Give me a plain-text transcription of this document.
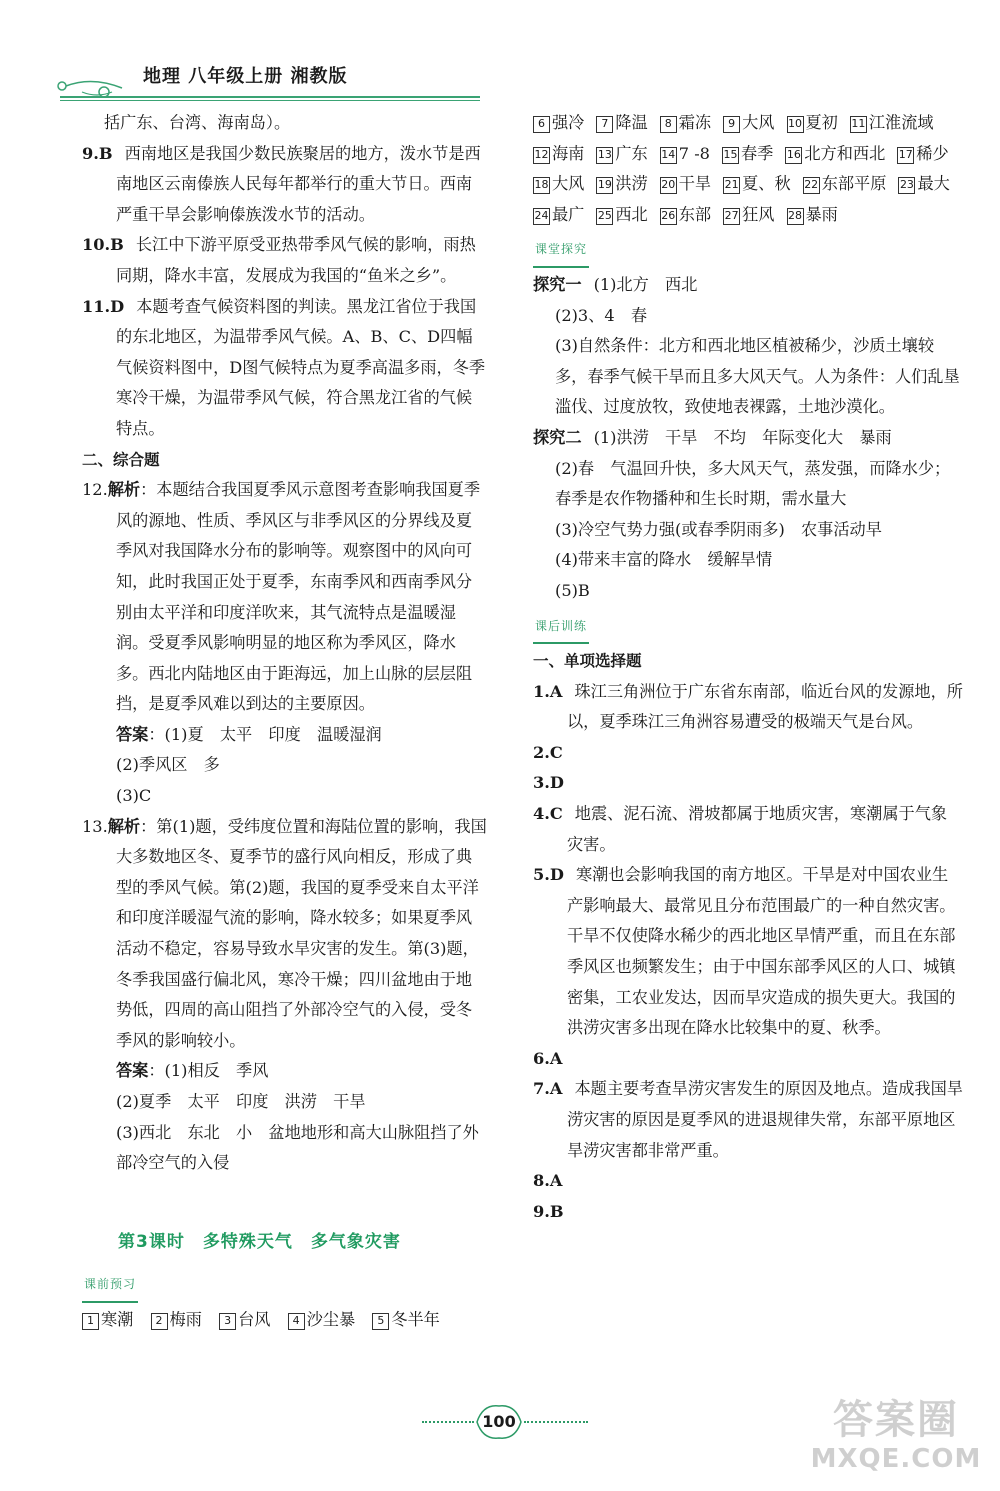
地理 八年级上册 湘教版

括广东、台湾、海南岛）。

9.B 西南地区是我国少数民族聚居的地方，泼水节是西南地区云南傣族人民每年都举行的重大节日。西南严重干旱会影响傣族泼水节的活动。

10.B 长江中下游平原受亚热带季风气候的影响，雨热同期，降水丰富，发展成为我国的“鱼米之乡”。

11.D 本题考查气候资料图的判读。黑龙江省位于我国的东北地区，为温带季风气候。A、B、C、D四幅气候资料图中，D图气候特点为夏季高温多雨，冬季寒冷干燥，为温带季风气候，符合黑龙江省的气候特点。

二、综合题

12.解析：本题结合我国夏季风示意图考查影响我国夏季风的源地、性质、季风区与非季风区的分界线及夏季风对我国降水分布的影响等。观察图中的风向可知，此时我国正处于夏季，东南季风和西南季风分别由太平洋和印度洋吹来，其气流特点是温暖湿润。受夏季风影响明显的地区称为季风区，降水多。西北内陆地区由于距海远，加上山脉的层层阻挡，是夏季风难以到达的主要原因。

答案：(1)夏　太平　印度　温暖湿润

(2)季风区　多

(3)C

13.解析：第(1)题，受纬度位置和海陆位置的影响，我国大多数地区冬、夏季节的盛行风向相反，形成了典型的季风气候。第(2)题，我国的夏季受来自太平洋和印度洋暖湿气流的影响，降水较多；如果夏季风活动不稳定，容易导致水旱灾害的发生。第(3)题，冬季我国盛行偏北风，寒冷干燥；四川盆地由于地势低，四周的高山阻挡了外部冷空气的入侵，受冬季风的影响较小。

答案：(1)相反　季风

(2)夏季　太平　印度　洪涝　干旱

(3)西北　东北　小　盆地地形和高大山脉阻挡了外部冷空气的入侵

第3课时　多特殊天气　多气象灾害
课前预习

1 寒潮 2 梅雨 3 台风 4 沙尘暴 5 冬半年

6 强冷 7 降温 8 霜冻 9 大风 10 夏初 11 江淮流域12 海南 13 广东 14 7 -8 15 春季 16 北方和西北 17 稀少18 大风 19 洪涝 20 干旱 21 夏、秋 22 东部平原 23 最大24 最广 25 西北 26 东部 27 狂风 28 暴雨

课堂探究

探究一 (1)北方　西北

(2)3、4　春

(3)自然条件：北方和西北地区植被稀少，沙质土壤较多，春季气候干旱而且多大风天气。人为条件：人们乱垦滥伐、过度放牧，致使地表裸露，土地沙漠化。

探究二 (1)洪涝　干旱　不均　年际变化大　暴雨

(2)春　气温回升快，多大风天气，蒸发强，而降水少；春季是农作物播种和生长时期，需水量大

(3)冷空气势力强(或春季阴雨多)　农事活动早

(4)带来丰富的降水　缓解旱情

(5)B

课后训练

一、单项选择题

1.A 珠江三角洲位于广东省东南部，临近台风的发源地，所以，夏季珠江三角洲容易遭受的极端天气是台风。

2.C

3.D

4.C 地震、泥石流、滑坡都属于地质灾害，寒潮属于气象灾害。

5.D 寒潮也会影响我国的南方地区。干旱是对中国农业生产影响最大、最常见且分布范围最广的一种自然灾害。干旱不仅使降水稀少的西北地区旱情严重，而且在东部季风区也频繁发生；由于中国东部季风区的人口、城镇密集，工农业发达，因而旱灾造成的损失更大。我国的洪涝灾害多出现在降水比较集中的夏、秋季。

6.A

7.A 本题主要考查旱涝灾害发生的原因及地点。造成我国旱涝灾害的原因是夏季风的进退规律失常，东部平原地区旱涝灾害都非常严重。

8.A

9.B

100	答案圈
MXQE.COM
